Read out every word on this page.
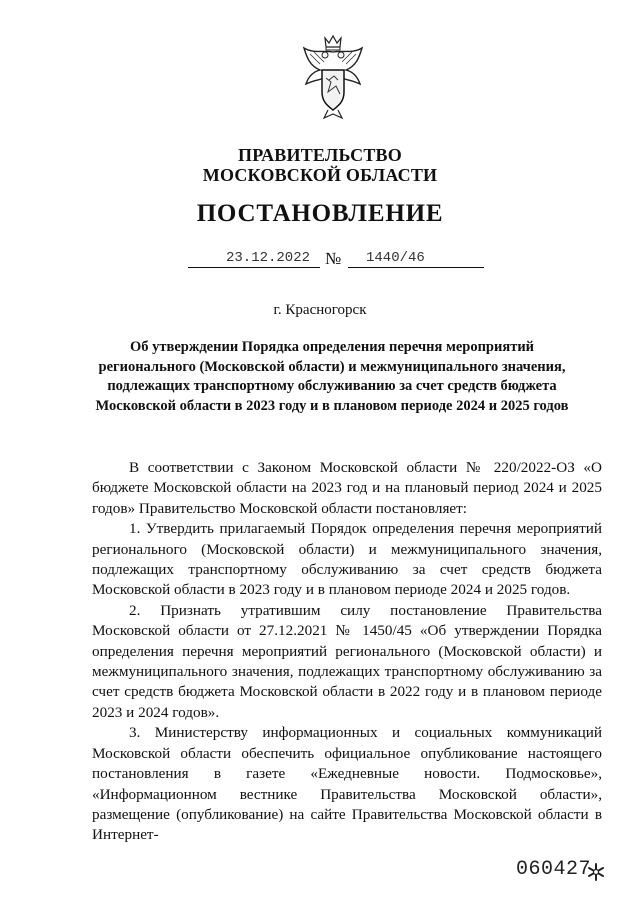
ПРАВИТЕЛЬСТВО
МОСКОВСКОЙ ОБЛАСТИ
ПОСТАНОВЛЕНИЕ
23.12.2022 № 1440/46
г. Красногорск
Об утверждении Порядка определения перечня мероприятий регионального (Московской области) и межмуниципального значения, подлежащих транспортному обслуживанию за счет средств бюджета Московской области в 2023 году и в плановом периоде 2024 и 2025 годов

В соответствии с Законом Московской области № 220/2022-ОЗ «О бюджете Московской области на 2023 год и на плановый период 2024 и 2025 годов» Правительство Московской области постановляет:

1. Утвердить прилагаемый Порядок определения перечня мероприятий регионального (Московской области) и межмуниципального значения, подлежащих транспортному обслуживанию за счет средств бюджета Московской области в 2023 году и в плановом периоде 2024 и 2025 годов.

2. Признать утратившим силу постановление Правительства Московской области от 27.12.2021 № 1450/45 «Об утверждении Порядка определения перечня мероприятий регионального (Московской области) и межмуниципального значения, подлежащих транспортному обслуживанию за счет средств бюджета Московской области в 2022 году и в плановом периоде 2023 и 2024 годов».

3. Министерству информационных и социальных коммуникаций Московской области обеспечить официальное опубликование настоящего постановления в газете «Ежедневные новости. Подмосковье», «Информационном вестнике Правительства Московской области», размещение (опубликование) на сайте Правительства Московской области в Интернет-

060427
